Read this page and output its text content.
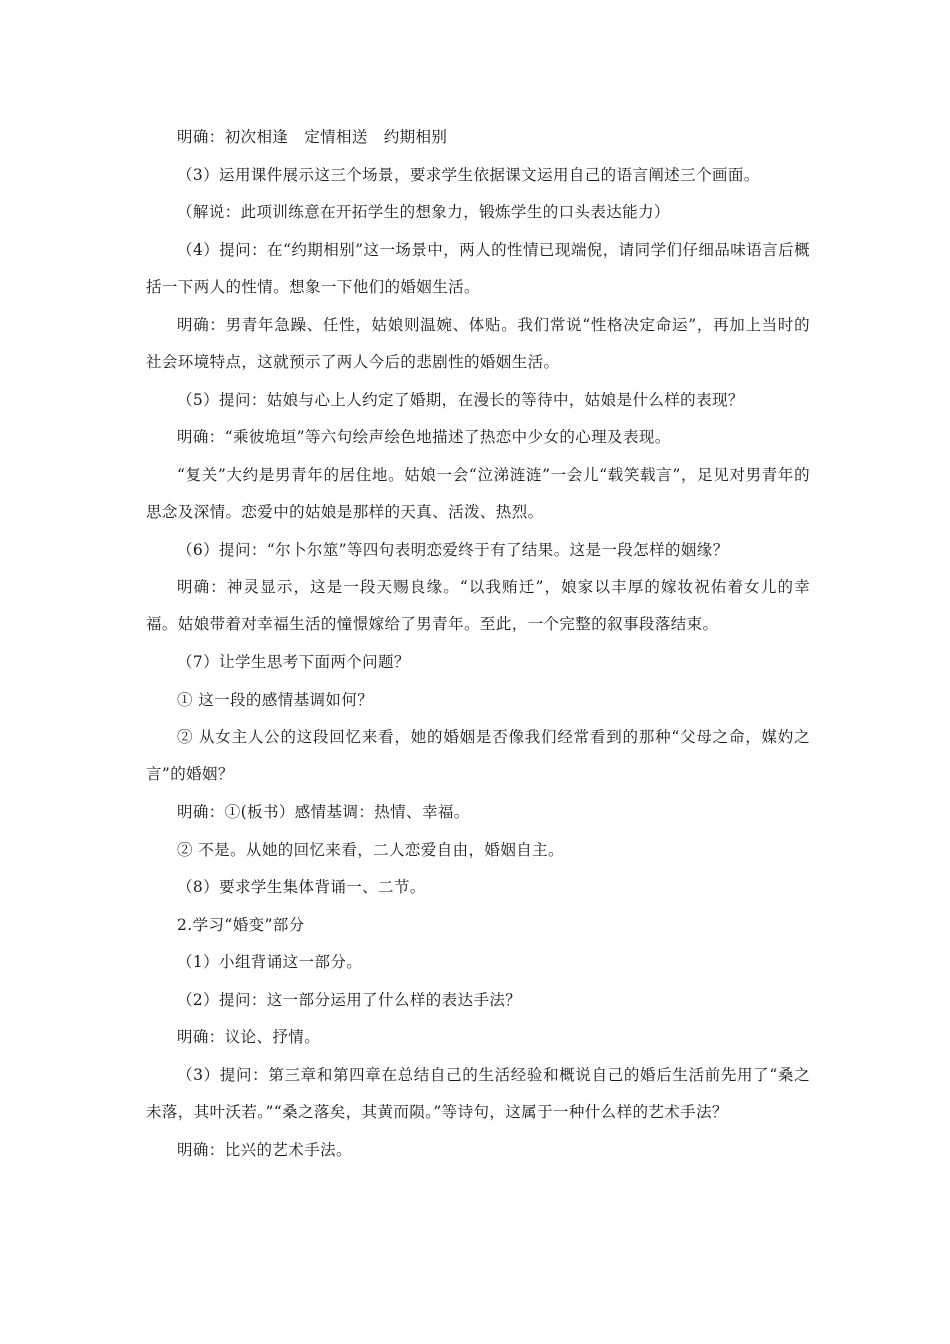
明确：初次相逢　定情相送　约期相别

（3）运用课件展示这三个场景，要求学生依据课文运用自己的语言阐述三个画面。

（解说：此项训练意在开拓学生的想象力，锻炼学生的口头表达能力）

（4）提问：在“约期相别”这一场景中，两人的性情已现端倪，请同学们仔细品味语言后概括一下两人的性情。想象一下他们的婚姻生活。

明确：男青年急躁、任性，姑娘则温婉、体贴。我们常说“性格决定命运”，再加上当时的社会环境特点，这就预示了两人今后的悲剧性的婚姻生活。

（5）提问：姑娘与心上人约定了婚期，在漫长的等待中，姑娘是什么样的表现？

明确：“乘彼垝垣”等六句绘声绘色地描述了热恋中少女的心理及表现。

“复关”大约是男青年的居住地。姑娘一会“泣涕涟涟”一会儿“载笑载言”，足见对男青年的思念及深情。恋爱中的姑娘是那样的天真、活泼、热烈。

（6）提问：“尔卜尔筮”等四句表明恋爱终于有了结果。这是一段怎样的姻缘？

明确：神灵显示，这是一段天赐良缘。“以我贿迁”，娘家以丰厚的嫁妆祝佑着女儿的幸福。姑娘带着对幸福生活的憧憬嫁给了男青年。至此，一个完整的叙事段落结束。

（7）让学生思考下面两个问题？

① 这一段的感情基调如何？

② 从女主人公的这段回忆来看，她的婚姻是否像我们经常看到的那种“父母之命，媒妁之言”的婚姻？

明确：①(板书）感情基调：热情、幸福。

② 不是。从她的回忆来看，二人恋爱自由，婚姻自主。

（8）要求学生集体背诵一、二节。

2.学习“婚变”部分

（1）小组背诵这一部分。

（2）提问：这一部分运用了什么样的表达手法？

明确：议论、抒情。

（3）提问：第三章和第四章在总结自己的生活经验和概说自己的婚后生活前先用了“桑之未落，其叶沃若。”“桑之落矣，其黄而陨。”等诗句，这属于一种什么样的艺术手法？

明确：比兴的艺术手法。
